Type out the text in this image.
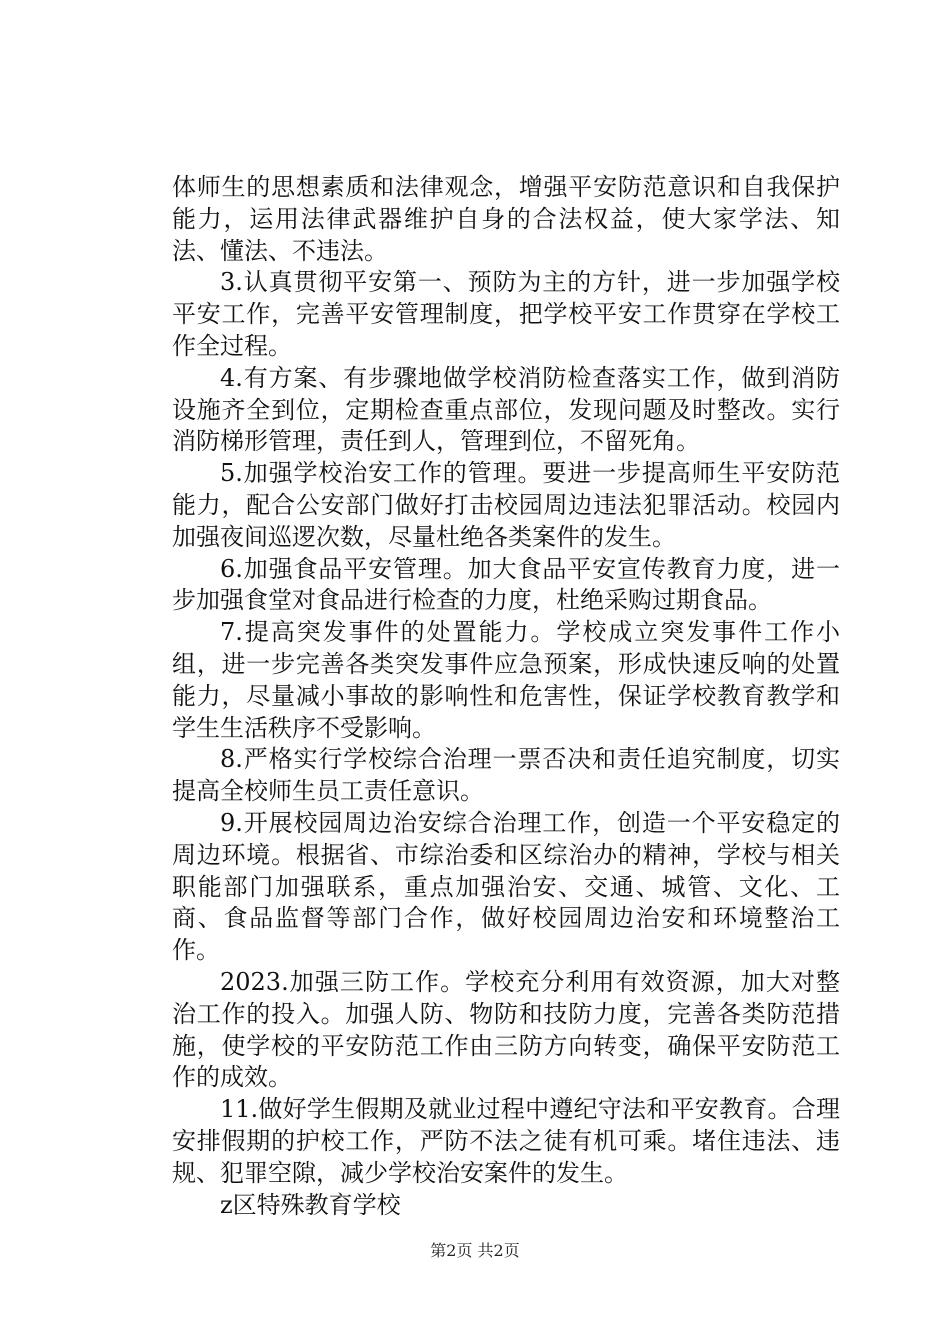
体师生的思想素质和法律观念，增强平安防范意识和自我保护能力，运用法律武器维护自身的合法权益，使大家学法、知法、懂法、不违法。

3.认真贯彻平安第一、预防为主的方针，进一步加强学校平安工作，完善平安管理制度，把学校平安工作贯穿在学校工作全过程。

4.有方案、有步骤地做学校消防检查落实工作，做到消防设施齐全到位，定期检查重点部位，发现问题及时整改。实行消防梯形管理，责任到人，管理到位，不留死角。

5.加强学校治安工作的管理。要进一步提高师生平安防范能力，配合公安部门做好打击校园周边违法犯罪活动。校园内加强夜间巡逻次数，尽量杜绝各类案件的发生。

6.加强食品平安管理。加大食品平安宣传教育力度，进一步加强食堂对食品进行检查的力度，杜绝采购过期食品。

7.提高突发事件的处置能力。学校成立突发事件工作小组，进一步完善各类突发事件应急预案，形成快速反响的处置能力，尽量减小事故的影响性和危害性，保证学校教育教学和学生生活秩序不受影响。

8.严格实行学校综合治理一票否决和责任追究制度，切实提高全校师生员工责任意识。

9.开展校园周边治安综合治理工作，创造一个平安稳定的周边环境。根据省、市综治委和区综治办的精神，学校与相关职能部门加强联系，重点加强治安、交通、城管、文化、工商、食品监督等部门合作，做好校园周边治安和环境整治工作。

2023.加强三防工作。学校充分利用有效资源，加大对整治工作的投入。加强人防、物防和技防力度，完善各类防范措施，使学校的平安防范工作由三防方向转变，确保平安防范工作的成效。

11.做好学生假期及就业过程中遵纪守法和平安教育。合理安排假期的护校工作，严防不法之徒有机可乘。堵住违法、违规、犯罪空隙，减少学校治安案件的发生。

z区特殊教育学校

第2页 共2页
